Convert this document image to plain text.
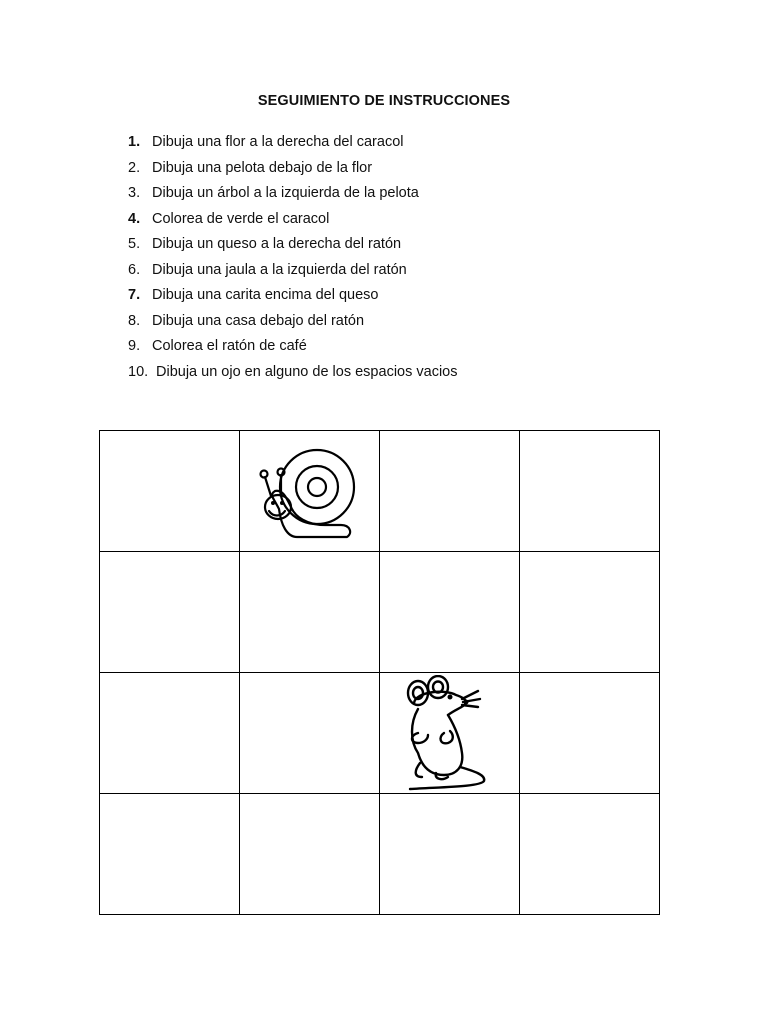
SEGUIMIENTO DE INSTRUCCIONES
1. Dibuja una flor a la derecha del caracol
2. Dibuja una pelota debajo de la flor
3. Dibuja un árbol a la izquierda de la pelota
4. Colorea de verde el caracol
5. Dibuja un queso a la derecha del ratón
6. Dibuja una jaula a la izquierda del ratón
7. Dibuja una carita encima del queso
8. Dibuja una casa debajo del ratón
9. Colorea el ratón de café
10. Dibuja un ojo en alguno de los espacios vacios
